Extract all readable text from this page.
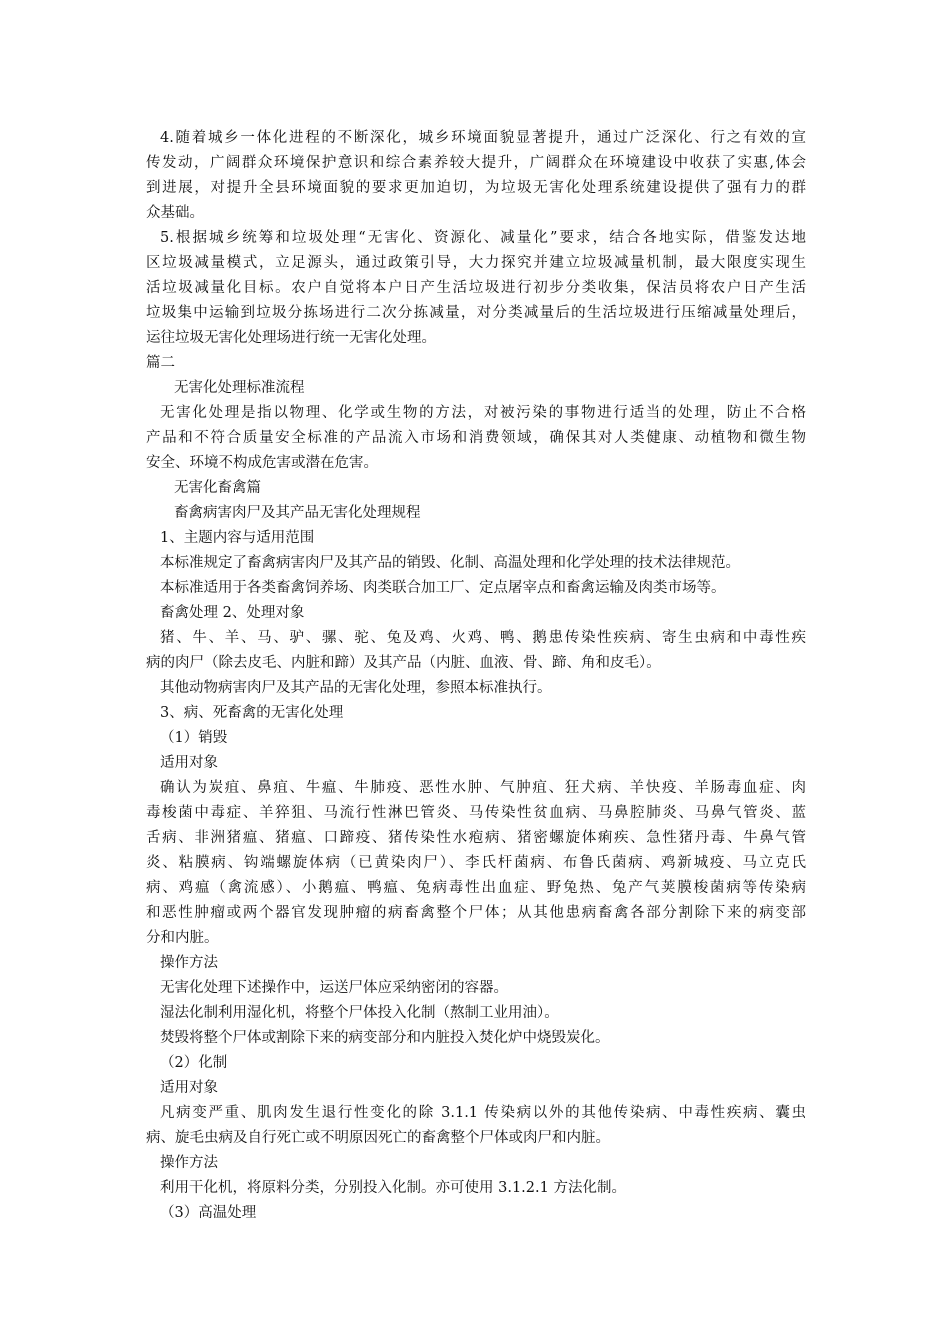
4.随着城乡一体化进程的不断深化，城乡环境面貌显著提升，通过广泛深化、行之有效的宣
传发动，广阔群众环境保护意识和综合素养较大提升，广阔群众在环境建设中收获了实惠,体会
到进展，对提升全县环境面貌的要求更加迫切，为垃圾无害化处理系统建设提供了强有力的群
众基础。
5.根据城乡统筹和垃圾处理“无害化、资源化、减量化”要求，结合各地实际，借鉴发达地
区垃圾减量模式，立足源头，通过政策引导，大力探究并建立垃圾减量机制，最大限度实现生
活垃圾减量化目标。农户自觉将本户日产生活垃圾进行初步分类收集，保洁员将农户日产生活
垃圾集中运输到垃圾分拣场进行二次分拣减量，对分类减量后的生活垃圾进行压缩减量处理后，
运往垃圾无害化处理场进行统一无害化处理。
篇二
无害化处理标准流程
无害化处理是指以物理、化学或生物的方法，对被污染的事物进行适当的处理，防止不合格
产品和不符合质量安全标准的产品流入市场和消费领域，确保其对人类健康、动植物和微生物
安全、环境不构成危害或潜在危害。
无害化畜禽篇
畜禽病害肉尸及其产品无害化处理规程
1、主题内容与适用范围
本标准规定了畜禽病害肉尸及其产品的销毁、化制、高温处理和化学处理的技术法律规范。
本标准适用于各类畜禽饲养场、肉类联合加工厂、定点屠宰点和畜禽运输及肉类市场等。
畜禽处理 2、处理对象
猪、牛、羊、马、驴、骡、驼、兔及鸡、火鸡、鸭、鹅患传染性疾病、寄生虫病和中毒性疾
病的肉尸（除去皮毛、内脏和蹄）及其产品（内脏、血液、骨、蹄、角和皮毛）。
其他动物病害肉尸及其产品的无害化处理，参照本标准执行。
3、病、死畜禽的无害化处理
（1）销毁
适用对象
确认为炭疽、鼻疽、牛瘟、牛肺疫、恶性水肿、气肿疽、狂犬病、羊快疫、羊肠毒血症、肉
毒梭菌中毒症、羊猝狙、马流行性淋巴管炎、马传染性贫血病、马鼻腔肺炎、马鼻气管炎、蓝
舌病、非洲猪瘟、猪瘟、口蹄疫、猪传染性水疱病、猪密螺旋体痢疾、急性猪丹毒、牛鼻气管
炎、粘膜病、钩端螺旋体病（已黄染肉尸）、李氏杆菌病、布鲁氏菌病、鸡新城疫、马立克氏
病、鸡瘟（禽流感）、小鹅瘟、鸭瘟、兔病毒性出血症、野兔热、兔产气荚膜梭菌病等传染病
和恶性肿瘤或两个器官发现肿瘤的病畜禽整个尸体；从其他患病畜禽各部分割除下来的病变部
分和内脏。
操作方法
无害化处理下述操作中，运送尸体应采纳密闭的容器。
湿法化制利用湿化机，将整个尸体投入化制（熬制工业用油）。
焚毁将整个尸体或割除下来的病变部分和内脏投入焚化炉中烧毁炭化。
（2）化制
适用对象
凡病变严重、肌肉发生退行性变化的除 3.1.1 传染病以外的其他传染病、中毒性疾病、囊虫
病、旋毛虫病及自行死亡或不明原因死亡的畜禽整个尸体或肉尸和内脏。
操作方法
利用干化机，将原料分类，分别投入化制。亦可使用 3.1.2.1 方法化制。
（3）高温处理
